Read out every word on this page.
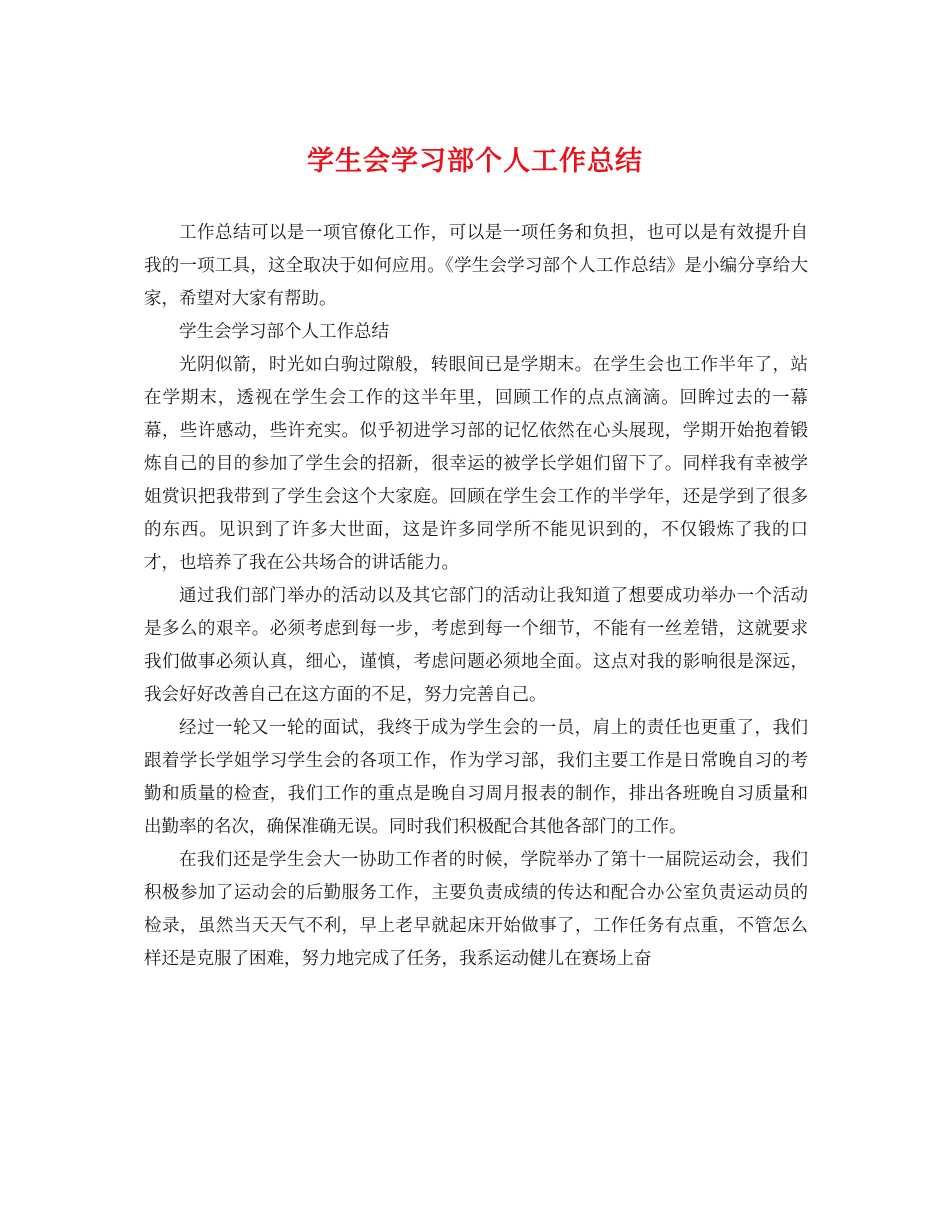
学生会学习部个人工作总结

工作总结可以是一项官僚化工作，可以是一项任务和负担，也可以是有效提升自我的一项工具，这全取决于如何应用。《学生会学习部个人工作总结》是小编分享给大家，希望对大家有帮助。

学生会学习部个人工作总结

光阴似箭，时光如白驹过隙般，转眼间已是学期末。在学生会也工作半年了，站在学期末，透视在学生会工作的这半年里，回顾工作的点点滴滴。回眸过去的一幕幕，些许感动，些许充实。似乎初进学习部的记忆依然在心头展现，学期开始抱着锻炼自己的目的参加了学生会的招新，很幸运的被学长学姐们留下了。同样我有幸被学姐赏识把我带到了学生会这个大家庭。回顾在学生会工作的半学年，还是学到了很多的东西。见识到了许多大世面，这是许多同学所不能见识到的，不仅锻炼了我的口才，也培养了我在公共场合的讲话能力。

通过我们部门举办的活动以及其它部门的活动让我知道了想要成功举办一个活动是多么的艰辛。必须考虑到每一步，考虑到每一个细节，不能有一丝差错，这就要求我们做事必须认真，细心，谨慎，考虑问题必须地全面。这点对我的影响很是深远，我会好好改善自己在这方面的不足，努力完善自己。

经过一轮又一轮的面试，我终于成为学生会的一员，肩上的责任也更重了，我们跟着学长学姐学习学生会的各项工作，作为学习部，我们主要工作是日常晚自习的考勤和质量的检查，我们工作的重点是晚自习周月报表的制作，排出各班晚自习质量和出勤率的名次，确保准确无误。同时我们积极配合其他各部门的工作。

在我们还是学生会大一协助工作者的时候，学院举办了第十一届院运动会，我们积极参加了运动会的后勤服务工作，主要负责成绩的传达和配合办公室负责运动员的检录，虽然当天天气不利，早上老早就起床开始做事了，工作任务有点重，不管怎么样还是克服了困难，努力地完成了任务，我系运动健儿在赛场上奋
